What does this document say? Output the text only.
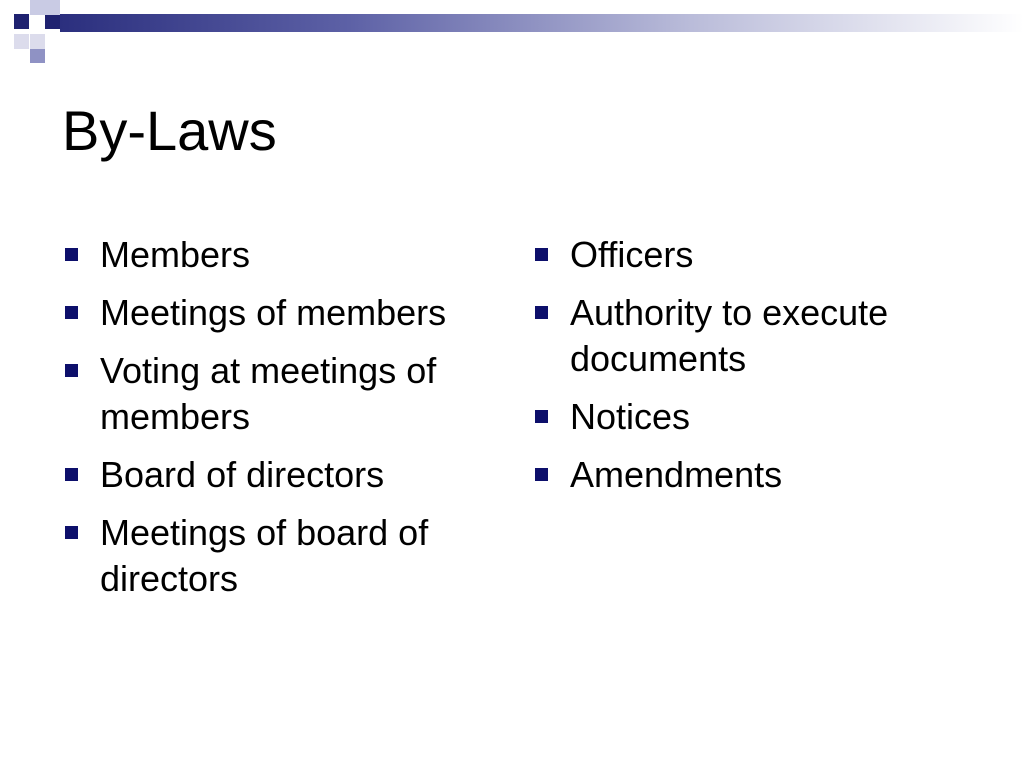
By-Laws
Members
Meetings of members
Voting at meetings of members
Board of directors
Meetings of board of directors
Officers
Authority to execute documents
Notices
Amendments
